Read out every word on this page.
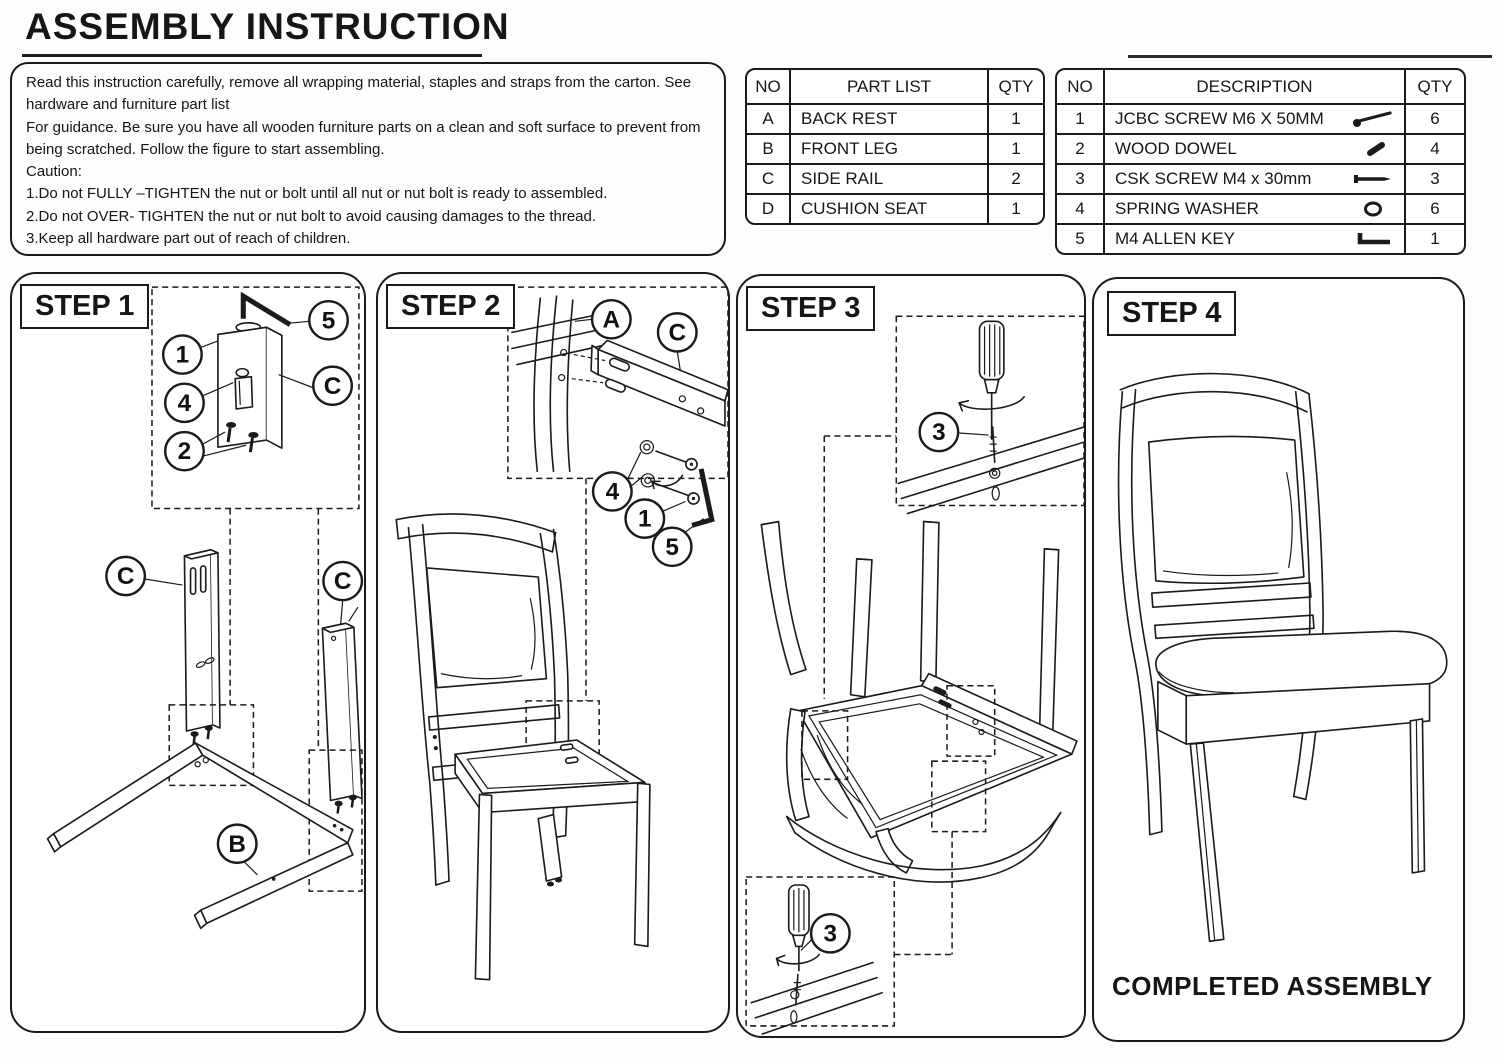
ASSEMBLY INSTRUCTION

Read this instruction carefully, remove all wrapping material, staples and straps from the carton. See

hardware and furniture part list

For guidance. Be sure you have all wooden furniture parts on a clean and soft surface to prevent from

being scratched. Follow the figure to start assembling.

Caution:

1.Do not FULLY –TIGHTEN the nut or bolt until all nut or nut bolt is ready to assembled.

2.Do not OVER- TIGHTEN the nut or nut bolt to avoid causing damages to the thread.

3.Keep all hardware part out of reach of children.

NO	PART LIST	QTY
A	BACK REST	1
B	FRONT LEG	1
C	SIDE RAIL	2
D	CUSHION SEAT	1
NO	DESCRIPTION	QTY
1	JCBC SCREW M6 X 50MM	6
2	WOOD DOWEL	4
3	CSK SCREW M4 x 30mm	3
4	SPRING WASHER	6
5	M4 ALLEN KEY	1
STEP 1	5
1
4
2
C
C	C
B
STEP 2	A C
4
1
5
STEP 3
3
3
STEP 4
COMPLETED ASSEMBLY
